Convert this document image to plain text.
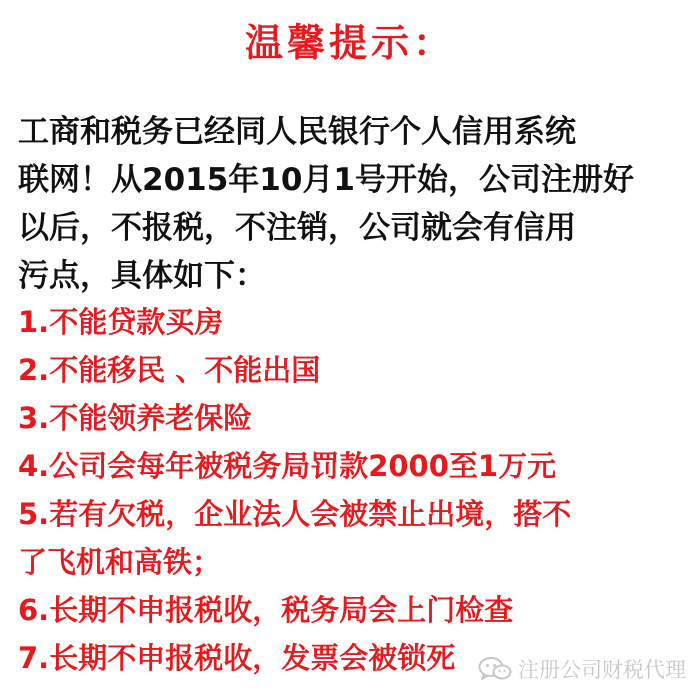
温馨提示：
工商和税务已经同人民银行个人信用系统
联网！从2015年10月1号开始，公司注册好
以后，不报税，不注销，公司就会有信用
污点，具体如下：
1.不能贷款买房
2.不能移民 、不能出国
3.不能领养老保险
4.公司会每年被税务局罚款2000至1万元
5.若有欠税，企业法人会被禁止出境，搭不
了飞机和高铁；
6.长期不申报税收，税务局会上门检查
7.长期不申报税收，发票会被锁死	注册公司财税代理
